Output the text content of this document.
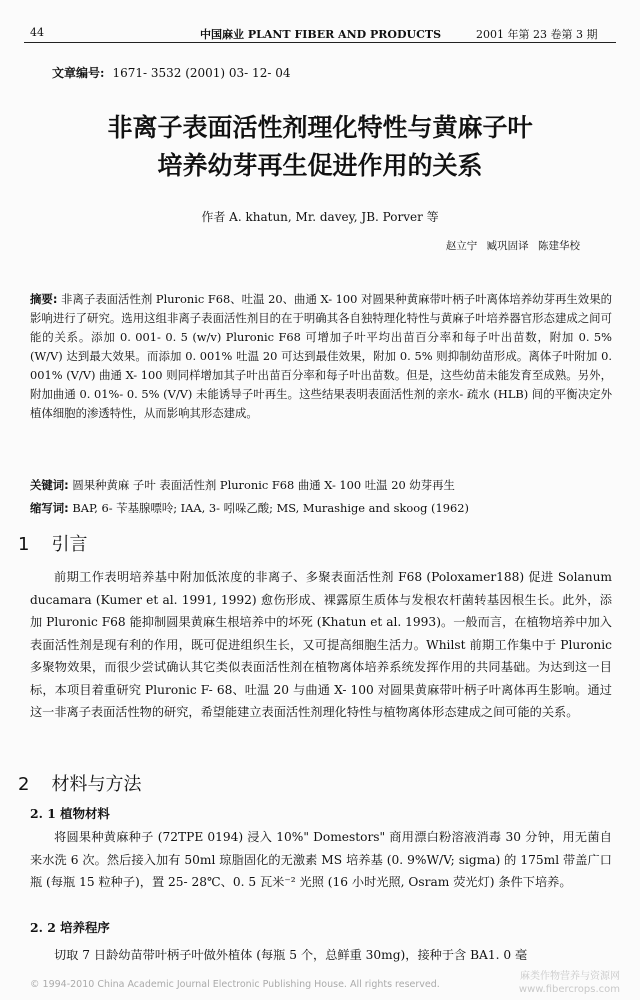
44	中国麻业 PLANT FIBER AND PRODUCTS	2001 年第 23 卷第 3 期
文章编号: 1671- 3532 (2001) 03- 12- 04
非离子表面活性剂理化特性与黄麻子叶
培养幼芽再生促进作用的关系
作者 A. khatun, Mr. davey, JB. Porver 等
赵立宁 臧巩固译 陈建华校
摘要: 非离子表面活性剂 Pluronic F68、吐温 20、曲通 X- 100 对圆果种黄麻带叶柄子叶离体培养幼芽再生效果的影响进行了研究。选用这组非离子表面活性剂目的在于明确其各自独特理化特性与黄麻子叶培养器官形态建成之间可能的关系。添加 0. 001- 0. 5 (w/v) Pluronic F68 可增加子叶平均出苗百分率和每子叶出苗数，附加 0. 5% (W/V) 达到最大效果。而添加 0. 001% 吐温 20 可达到最佳效果，附加 0. 5% 则抑制幼苗形成。离体子叶附加 0. 001% (V/V) 曲通 X- 100 则同样增加其子叶出苗百分率和每子叶出苗数。但是，这些幼苗未能发育至成熟。另外，附加曲通 0. 01%- 0. 5% (V/V) 未能诱导子叶再生。这些结果表明表面活性剂的亲水- 疏水 (HLB) 间的平衡决定外植体细胞的渗透特性，从而影响其形态建成。
关键词: 圆果种黄麻 子叶 表面活性剂 Pluronic F68 曲通 X- 100 吐温 20 幼芽再生
缩写词: BAP, 6- 苄基腺嘌呤; IAA, 3- 吲哚乙酸; MS, Murashige and skoog (1962)
1 引言
前期工作表明培养基中附加低浓度的非离子、多聚表面活性剂 F68 (Poloxamer188) 促进 Solanum ducamara (Kumer et al. 1991, 1992) 愈伤形成、裸露原生质体与发根农杆菌转基因根生长。此外，添加 Pluronic F68 能抑制圆果黄麻生根培养中的坏死 (Khatun et al. 1993)。一般而言，在植物培养中加入表面活性剂是现有利的作用，既可促进组织生长，又可提高细胞生活力。Whilst 前期工作集中于 Pluronic 多聚物效果，而很少尝试确认其它类似表面活性剂在植物离体培养系统发挥作用的共同基础。为达到这一目标，本项目着重研究 Pluronic F- 68、吐温 20 与曲通 X- 100 对圆果黄麻带叶柄子叶离体再生影响。通过这一非离子表面活性物的研究，希望能建立表面活性剂理化特性与植物离体形态建成之间可能的关系。
2 材料与方法
2. 1 植物材料
将圆果种黄麻种子 (72TPE 0194) 浸入 10%" Domestors" 商用漂白粉溶液消毒 30 分钟，用无菌自来水洗 6 次。然后接入加有 50ml 琼脂固化的无激素 MS 培养基 (0. 9%W/V; sigma) 的 175ml 带盖广口瓶 (每瓶 15 粒种子)，置 25- 28℃、0. 5 瓦米⁻² 光照 (16 小时光照, Osram 荧光灯) 条件下培养。
2. 2 培养程序
切取 7 日龄幼苗带叶柄子叶做外植体 (每瓶 5 个，总鲜重 30mg)，接种于含 BA1. 0 毫
© 1994-2010 China Academic Journal Electronic Publishing House. All rights reserved.
麻类作物营养与资源网
www.fibercrops.com
